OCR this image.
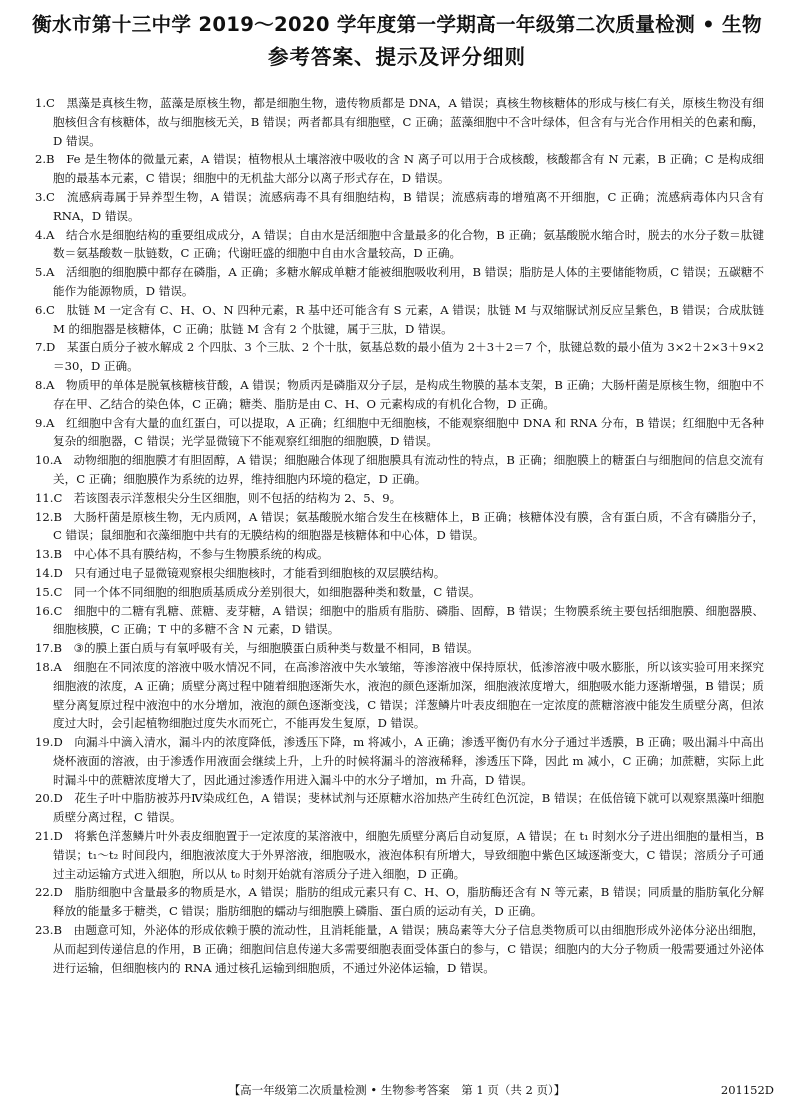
衡水市第十三中学 2019～2020 学年度第一学期高一年级第二次质量检测 • 生物
参考答案、提示及评分细则

1.C  黑藻是真核生物，蓝藻是原核生物，都是细胞生物，遗传物质都是 DNA，A 错误；真核生物核糖体的形成与核仁有关，原核生物没有细胞核但含有核糖体，故与细胞核无关，B 错误；两者都具有细胞壁，C 正确；蓝藻细胞中不含叶绿体，但含有与光合作用相关的色素和酶，D 错误。

2.B  Fe 是生物体的微量元素，A 错误；植物根从土壤溶液中吸收的含 N 离子可以用于合成核酸，核酸都含有 N 元素，B 正确；C 是构成细胞的最基本元素，C 错误；细胞中的无机盐大部分以离子形式存在，D 错误。

3.C  流感病毒属于异养型生物，A 错误；流感病毒不具有细胞结构，B 错误；流感病毒的增殖离不开细胞，C 正确；流感病毒体内只含有 RNA，D 错误。

4.A  结合水是细胞结构的重要组成成分，A 错误；自由水是活细胞中含量最多的化合物，B 正确；氨基酸脱水缩合时，脱去的水分子数＝肽键数＝氨基酸数－肽链数，C 正确；代谢旺盛的细胞中自由水含量较高，D 正确。

5.A  活细胞的细胞膜中都存在磷脂，A 正确；多糖水解成单糖才能被细胞吸收利用，B 错误；脂肪是人体的主要储能物质，C 错误；五碳糖不能作为能源物质，D 错误。

6.C  肽链 M 一定含有 C、H、O、N 四种元素，R 基中还可能含有 S 元素，A 错误；肽链 M 与双缩脲试剂反应呈紫色，B 错误；合成肽链 M 的细胞器是核糖体，C 正确；肽链 M 含有 2 个肽键，属于三肽，D 错误。

7.D  某蛋白质分子被水解成 2 个四肽、3 个三肽、2 个十肽，氨基总数的最小值为 2＋3＋2＝7 个，肽键总数的最小值为 3×2＋2×3＋9×2＝30，D 正确。

8.A  物质甲的单体是脱氧核糖核苷酸，A 错误；物质丙是磷脂双分子层，是构成生物膜的基本支架，B 正确；大肠杆菌是原核生物，细胞中不存在甲、乙结合的染色体，C 正确；糖类、脂肪是由 C、H、O 元素构成的有机化合物，D 正确。

9.A  红细胞中含有大量的血红蛋白，可以提取，A 正确；红细胞中无细胞核，不能观察细胞中 DNA 和 RNA 分布，B 错误；红细胞中无各种复杂的细胞器，C 错误；光学显微镜下不能观察红细胞的细胞膜，D 错误。

10.A  动物细胞的细胞膜才有胆固醇，A 错误；细胞融合体现了细胞膜具有流动性的特点，B 正确；细胞膜上的糖蛋白与细胞间的信息交流有关，C 正确；细胞膜作为系统的边界，维持细胞内环境的稳定，D 正确。

11.C  若该图表示洋葱根尖分生区细胞，则不包括的结构为 2、5、9。

12.B  大肠杆菌是原核生物，无内质网，A 错误；氨基酸脱水缩合发生在核糖体上，B 正确；核糖体没有膜，含有蛋白质，不含有磷脂分子，C 错误；鼠细胞和衣藻细胞中共有的无膜结构的细胞器是核糖体和中心体，D 错误。

13.B  中心体不具有膜结构，不参与生物膜系统的构成。

14.D  只有通过电子显微镜观察根尖细胞核时，才能看到细胞核的双层膜结构。

15.C  同一个体不同细胞的细胞质基质成分差别很大，如细胞器种类和数量，C 错误。

16.C  细胞中的二糖有乳糖、蔗糖、麦芽糖，A 错误；细胞中的脂质有脂肪、磷脂、固醇，B 错误；生物膜系统主要包括细胞膜、细胞器膜、细胞核膜，C 正确；T 中的多糖不含 N 元素，D 错误。

17.B  ③的膜上蛋白质与有氧呼吸有关，与细胞膜蛋白质种类与数量不相同，B 错误。

18.A  细胞在不同浓度的溶液中吸水情况不同，在高渗溶液中失水皱缩，等渗溶液中保持原状，低渗溶液中吸水膨胀，所以该实验可用来探究细胞液的浓度，A 正确；质壁分离过程中随着细胞逐渐失水，液泡的颜色逐渐加深，细胞液浓度增大，细胞吸水能力逐渐增强，B 错误；质壁分离复原过程中液泡中的水分增加，液泡的颜色逐渐变浅，C 错误；洋葱鳞片叶表皮细胞在一定浓度的蔗糖溶液中能发生质壁分离，但浓度过大时，会引起植物细胞过度失水而死亡，不能再发生复原，D 错误。

19.D  向漏斗中滴入清水，漏斗内的浓度降低，渗透压下降，m 将减小，A 正确；渗透平衡仍有水分子通过半透膜，B 正确；吸出漏斗中高出烧杯液面的溶液，由于渗透作用液面会继续上升，上升的时候将漏斗的溶液稀释，渗透压下降，因此 m 减小，C 正确；加蔗糖，实际上此时漏斗中的蔗糖浓度增大了，因此通过渗透作用进入漏斗中的水分子增加，m 升高，D 错误。

20.D  花生子叶中脂肪被苏丹Ⅳ染成红色，A 错误；斐林试剂与还原糖水浴加热产生砖红色沉淀，B 错误；在低倍镜下就可以观察黑藻叶细胞质壁分离过程，C 错误。

21.D  将紫色洋葱鳞片叶外表皮细胞置于一定浓度的某溶液中，细胞先质壁分离后自动复原，A 错误；在 t₁ 时刻水分子进出细胞的量相当，B 错误；t₁～t₂ 时间段内，细胞液浓度大于外界溶液，细胞吸水，液泡体积有所增大，导致细胞中紫色区域逐渐变大，C 错误；溶质分子可通过主动运输方式进入细胞，所以从 t₀ 时刻开始就有溶质分子进入细胞，D 正确。

22.D  脂肪细胞中含量最多的物质是水，A 错误；脂肪的组成元素只有 C、H、O，脂肪酶还含有 N 等元素，B 错误；同质量的脂肪氧化分解释放的能量多于糖类，C 错误；脂肪细胞的蠕动与细胞膜上磷脂、蛋白质的运动有关，D 正确。

23.B  由题意可知，外泌体的形成依赖于膜的流动性，且消耗能量，A 错误；胰岛素等大分子信息类物质可以由细胞形成外泌体分泌出细胞，从而起到传递信息的作用，B 正确；细胞间信息传递大多需要细胞表面受体蛋白的参与，C 错误；细胞内的大分子物质一般需要通过外泌体进行运输，但细胞核内的 RNA 通过核孔运输到细胞质，不通过外泌体运输，D 错误。

【高一年级第二次质量检测 • 生物参考答案　第 1 页（共 2 页）】	201152D
